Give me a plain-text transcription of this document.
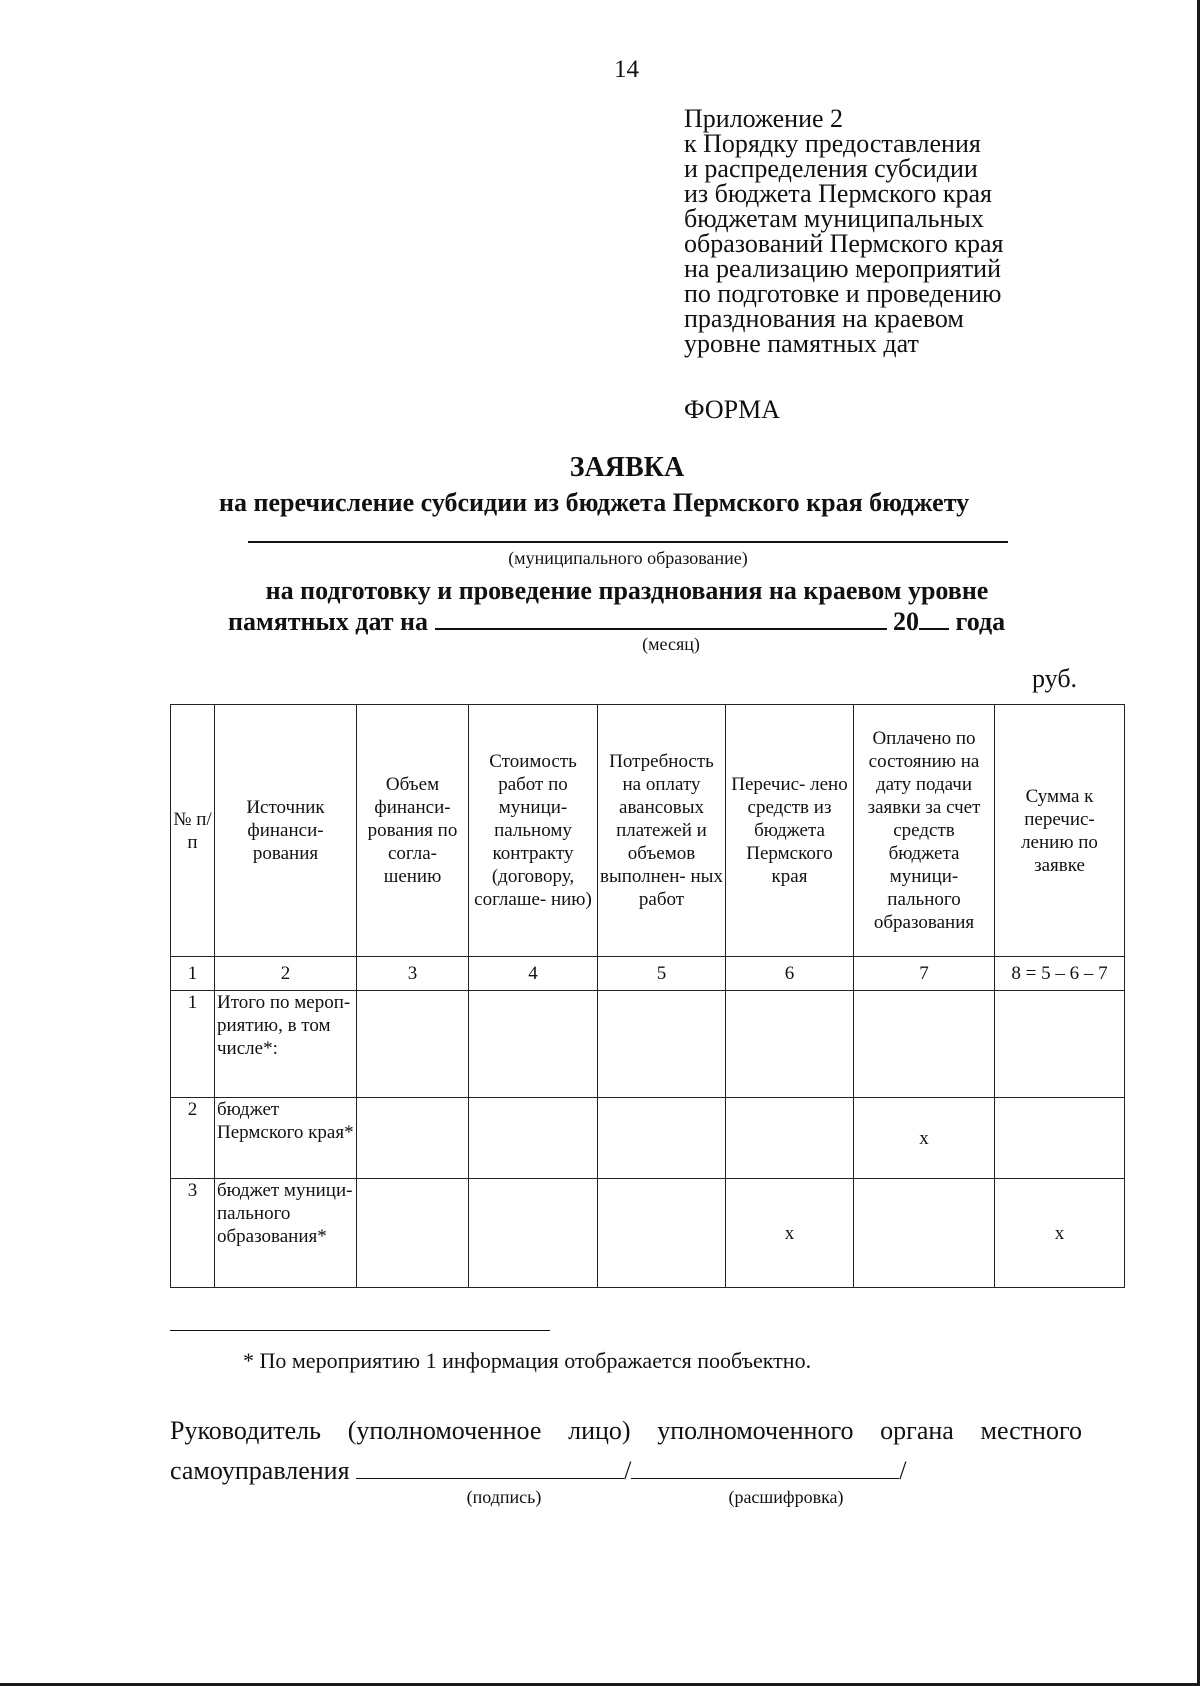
14
Приложение 2
к Порядку предоставления
и распределения субсидии
из бюджета Пермского края
бюджетам муниципальных
образований Пермского края
на реализацию мероприятий
по подготовке и проведению
празднования на краевом
уровне памятных дат
ФОРМА
ЗАЯВКА
на перечисление субсидии из бюджета Пермского края бюджету
(муниципального образование)
на подготовку и проведение празднования на краевом уровне
памятных дат на	20 года
(месяц)
руб.
№ п/п	Источник финанси- рования	Объем финанси- рования по согла- шению	Стоимость работ по муници- пальному контракту (договору, соглаше- нию)	Потребность на оплату авансовых платежей и объемов выполнен- ных работ	Перечис- лено средств из бюджета Пермского края	Оплачено по состоянию на дату подачи заявки за счет средств бюджета муници- пального образования	Сумма к перечис- лению по заявке
1	2	3	4	5	6	7	8 = 5 – 6 – 7
1	Итого по мероп- риятию, в том числе*:						
2	бюджет Пермского края*					x	
3	бюджет муници- пального образования*				x		x
* По мероприятию 1 информация отображается пообъектно.
Руководитель (уполномоченное лицо) уполномоченного органа местного
самоуправления	/	/
(подпись)	(расшифровка)
